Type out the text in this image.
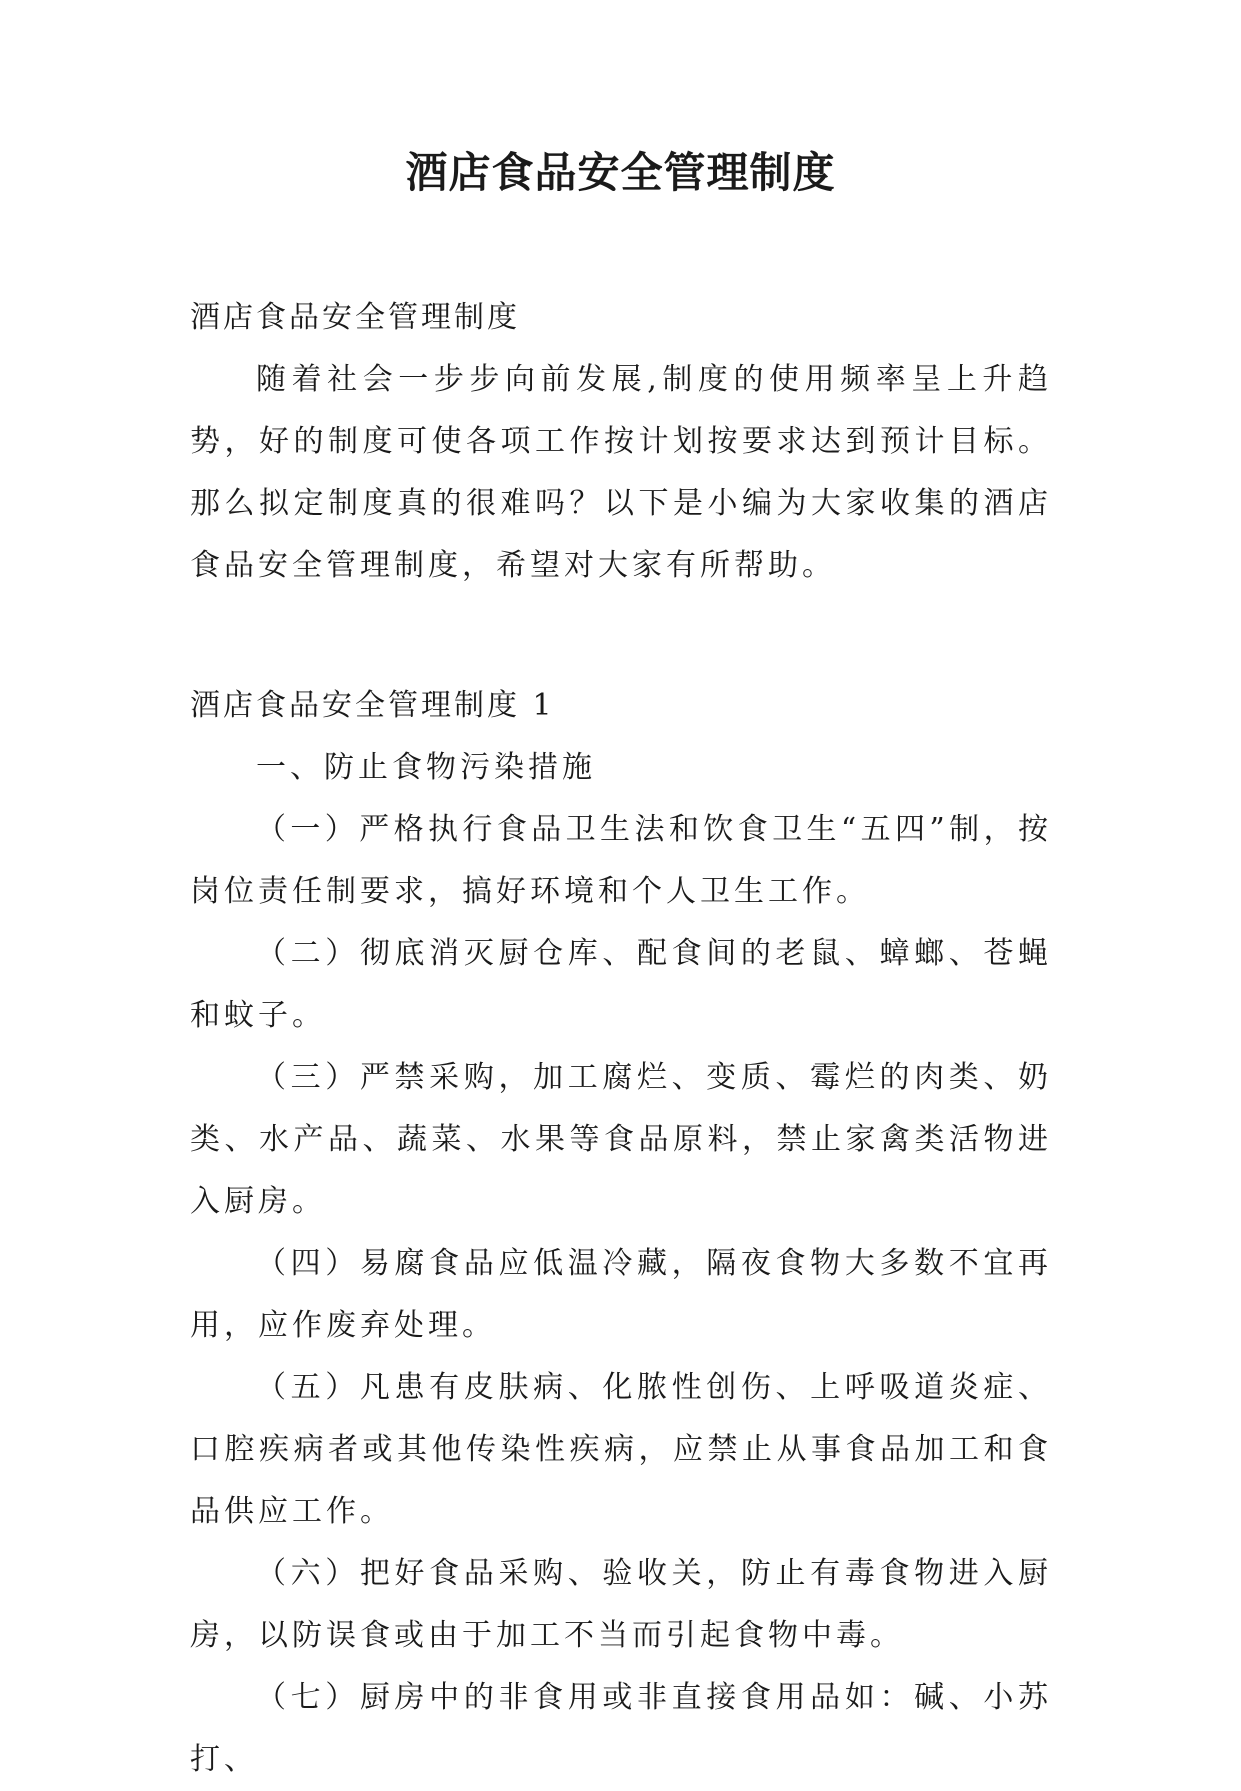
酒店食品安全管理制度

酒店食品安全管理制度

随着社会一步步向前发展,制度的使用频率呈上升趋势，好的制度可使各项工作按计划按要求达到预计目标。那么拟定制度真的很难吗？以下是小编为大家收集的酒店食品安全管理制度，希望对大家有所帮助。

酒店食品安全管理制度 1

一、防止食物污染措施

（一）严格执行食品卫生法和饮食卫生“五四”制，按岗位责任制要求，搞好环境和个人卫生工作。

（二）彻底消灭厨仓库、配食间的老鼠、蟑螂、苍蝇和蚊子。

（三）严禁采购，加工腐烂、变质、霉烂的肉类、奶类、水产品、蔬菜、水果等食品原料，禁止家禽类活物进入厨房。

（四）易腐食品应低温冷藏，隔夜食物大多数不宜再用，应作废弃处理。

（五）凡患有皮肤病、化脓性创伤、上呼吸道炎症、口腔疾病者或其他传染性疾病，应禁止从事食品加工和食品供应工作。

（六）把好食品采购、验收关，防止有毒食物进入厨房，以防误食或由于加工不当而引起食物中毒。

（七）厨房中的非食用或非直接食用品如：碱、小苏打、
